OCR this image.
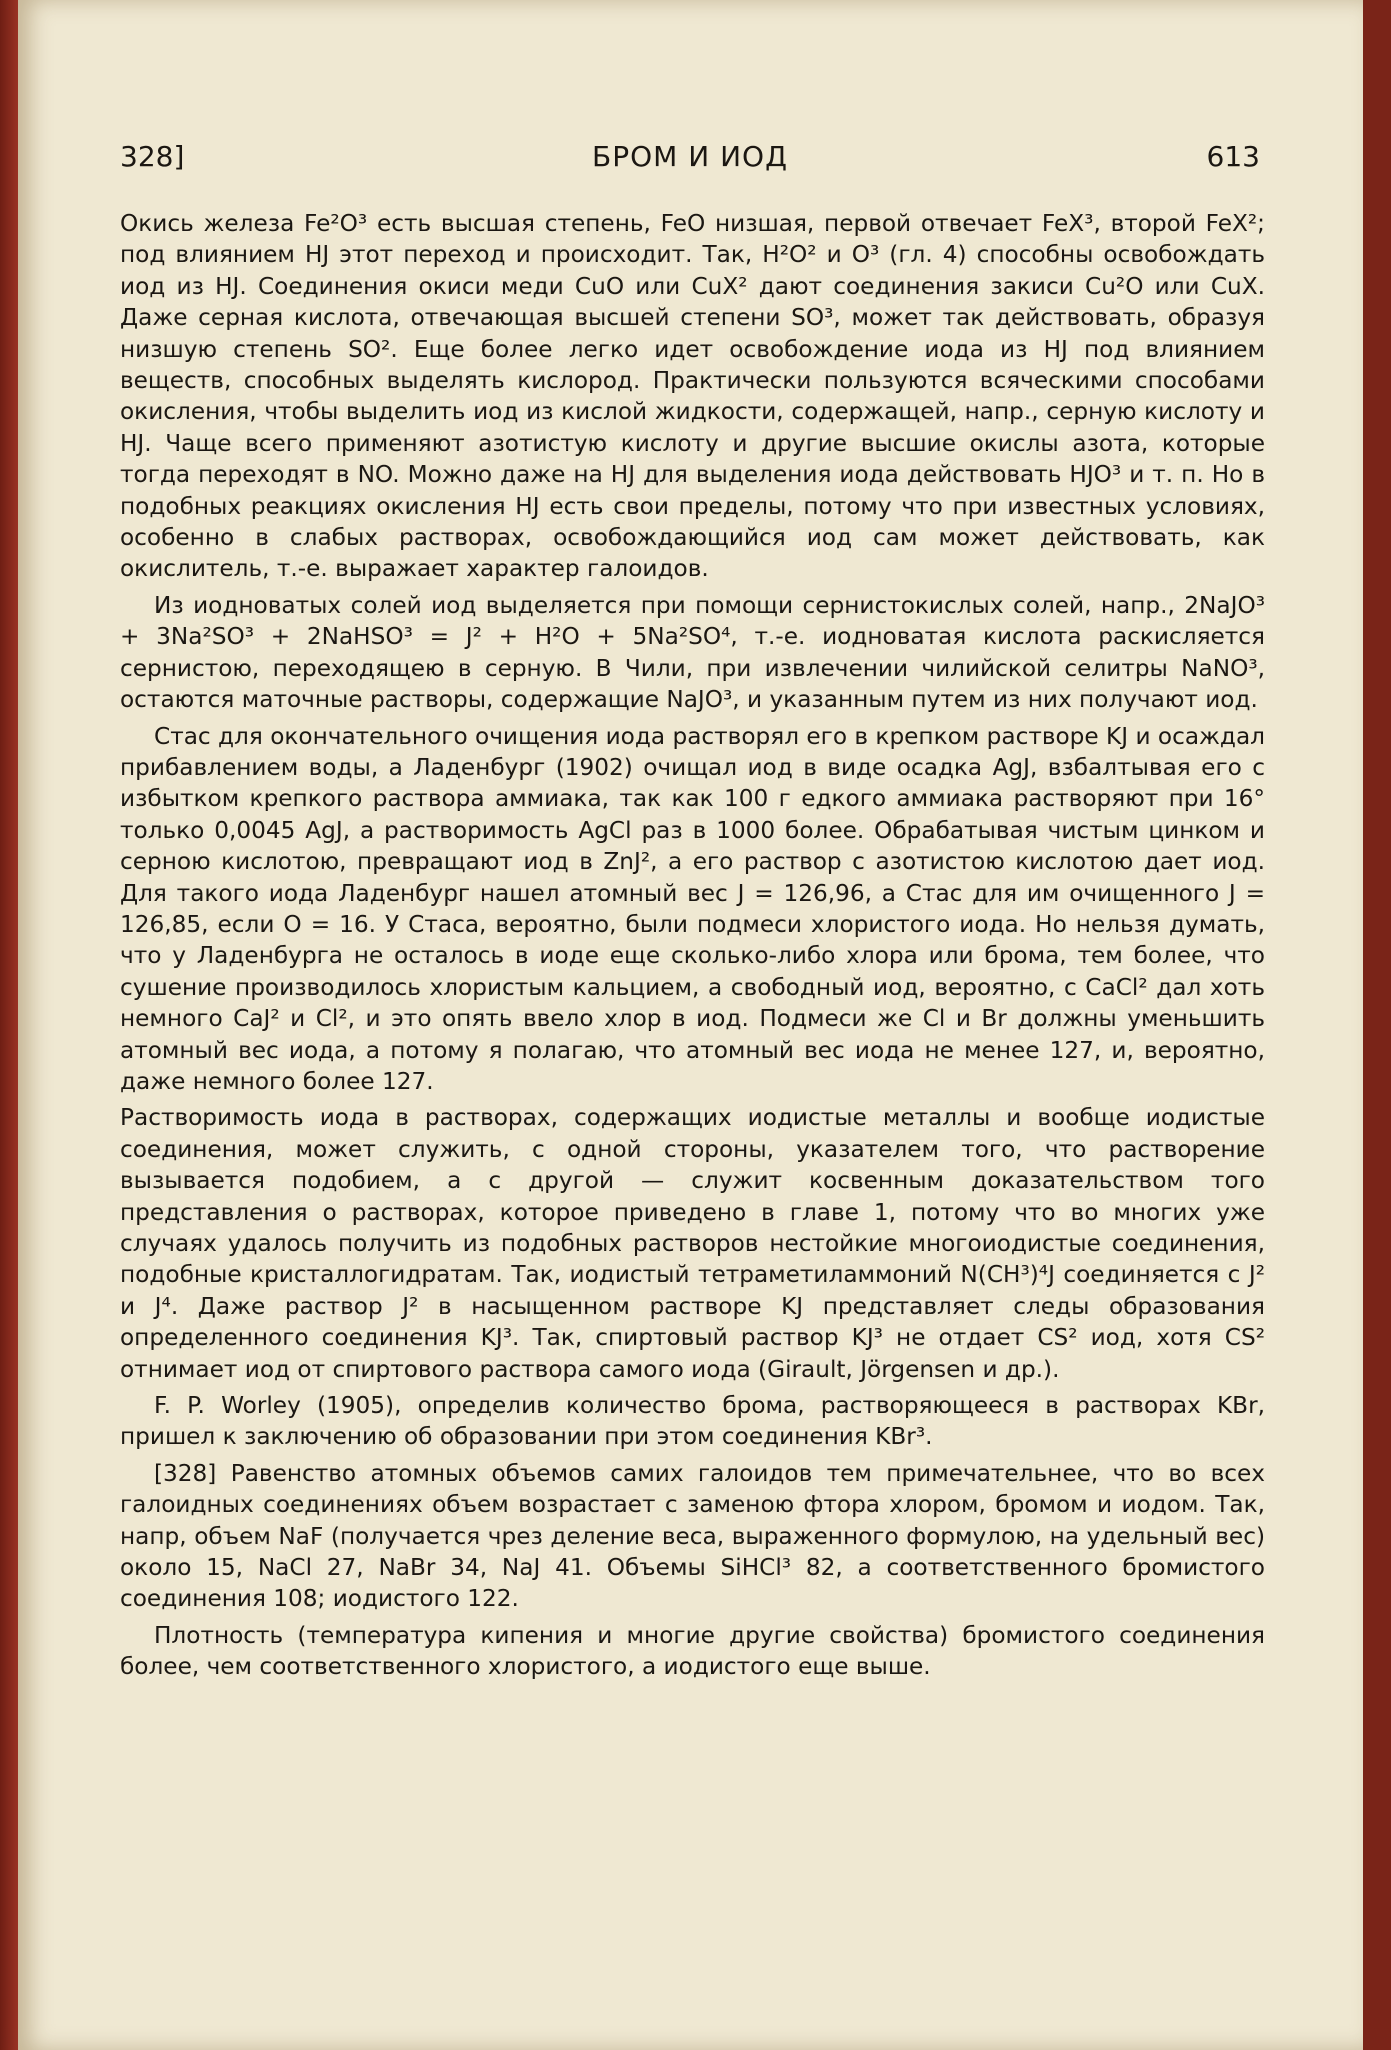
328]	БРОМ И ИОД	613

Окись железа Fe²O³ есть высшая степень, FeO низшая, первой отвечает FeX³, второй FeX²; под влиянием HJ этот переход и происходит. Так, H²O² и O³ (гл. 4) способны освобождать иод из HJ. Соединения окиси меди CuO или CuX² дают соединения закиси Cu²O или CuX. Даже серная кислота, отвечающая высшей степени SO³, может так действовать, образуя низшую степень SO². Еще более легко идет освобождение иода из HJ под влиянием веществ, способных выделять кислород. Практически пользуются всяческими способами окисления, чтобы выделить иод из кислой жидкости, содержащей, напр., серную кислоту и HJ. Чаще всего применяют азотистую кислоту и другие высшие окислы азота, которые тогда переходят в NO. Можно даже на HJ для выделения иода действовать HJO³ и т. п. Но в подобных реакциях окисления HJ есть свои пределы, потому что при известных условиях, особенно в слабых растворах, освобождающийся иод сам может действовать, как окислитель, т.-е. выражает характер галоидов.

Из иодноватых солей иод выделяется при помощи сернистокислых солей, напр., 2NaJO³ + 3Na²SO³ + 2NaHSO³ = J² + H²O + 5Na²SO⁴, т.-е. иодноватая кислота раскисляется сернистою, переходящею в серную. В Чили, при извлечении чилийской селитры NaNO³, остаются маточные растворы, содержащие NaJO³, и указанным путем из них получают иод.

Стас для окончательного очищения иода растворял его в крепком растворе KJ и осаждал прибавлением воды, а Ладенбург (1902) очищал иод в виде осадка AgJ, взбалтывая его с избытком крепкого раствора аммиака, так как 100 г едкого аммиака растворяют при 16° только 0,0045 AgJ, а растворимость AgCl раз в 1000 более. Обрабатывая чистым цинком и серною кислотою, превращают иод в ZnJ², а его раствор с азотистою кислотою дает иод. Для такого иода Ладенбург нашел атомный вес J = 126,96, а Стас для им очищенного J = 126,85, если O = 16. У Стаса, вероятно, были подмеси хлористого иода. Но нельзя думать, что у Ладенбурга не осталось в иоде еще сколько-либо хлора или брома, тем более, что сушение производилось хлористым кальцием, а свободный иод, вероятно, с CaCl² дал хоть немного CaJ² и Cl², и это опять ввело хлор в иод. Подмеси же Cl и Br должны уменьшить атомный вес иода, а потому я полагаю, что атомный вес иода не менее 127, и, вероятно, даже немного более 127.

Растворимость иода в растворах, содержащих иодистые металлы и вообще иодистые соединения, может служить, с одной стороны, указателем того, что растворение вызывается подобием, а с другой — служит косвенным доказательством того представления о растворах, которое приведено в главе 1, потому что во многих уже случаях удалось получить из подобных растворов нестойкие многоиодистые соединения, подобные кристаллогидратам. Так, иодистый тетраметиламмоний N(CH³)⁴J соединяется с J² и J⁴. Даже раствор J² в насыщенном растворе KJ представляет следы образования определенного соединения KJ³. Так, спиртовый раствор KJ³ не отдает CS² иод, хотя CS² отнимает иод от спиртового раствора самого иода (Girault, Jörgensen и др.).

F. P. Worley (1905), определив количество брома, растворяющееся в растворах KBr, пришел к заключению об образовании при этом соединения KBr³.

[328] Равенство атомных объемов самих галоидов тем примечательнее, что во всех галоидных соединениях объем возрастает с заменою фтора хлором, бромом и иодом. Так, напр, объем NaF (получается чрез деление веса, выраженного формулою, на удельный вес) около 15, NaCl 27, NaBr 34, NaJ 41. Объемы SiHCl³ 82, а соответственного бромистого соединения 108; иодистого 122.

Плотность (температура кипения и многие другие свойства) бромистого соединения более, чем соответственного хлористого, а иодистого еще выше.
